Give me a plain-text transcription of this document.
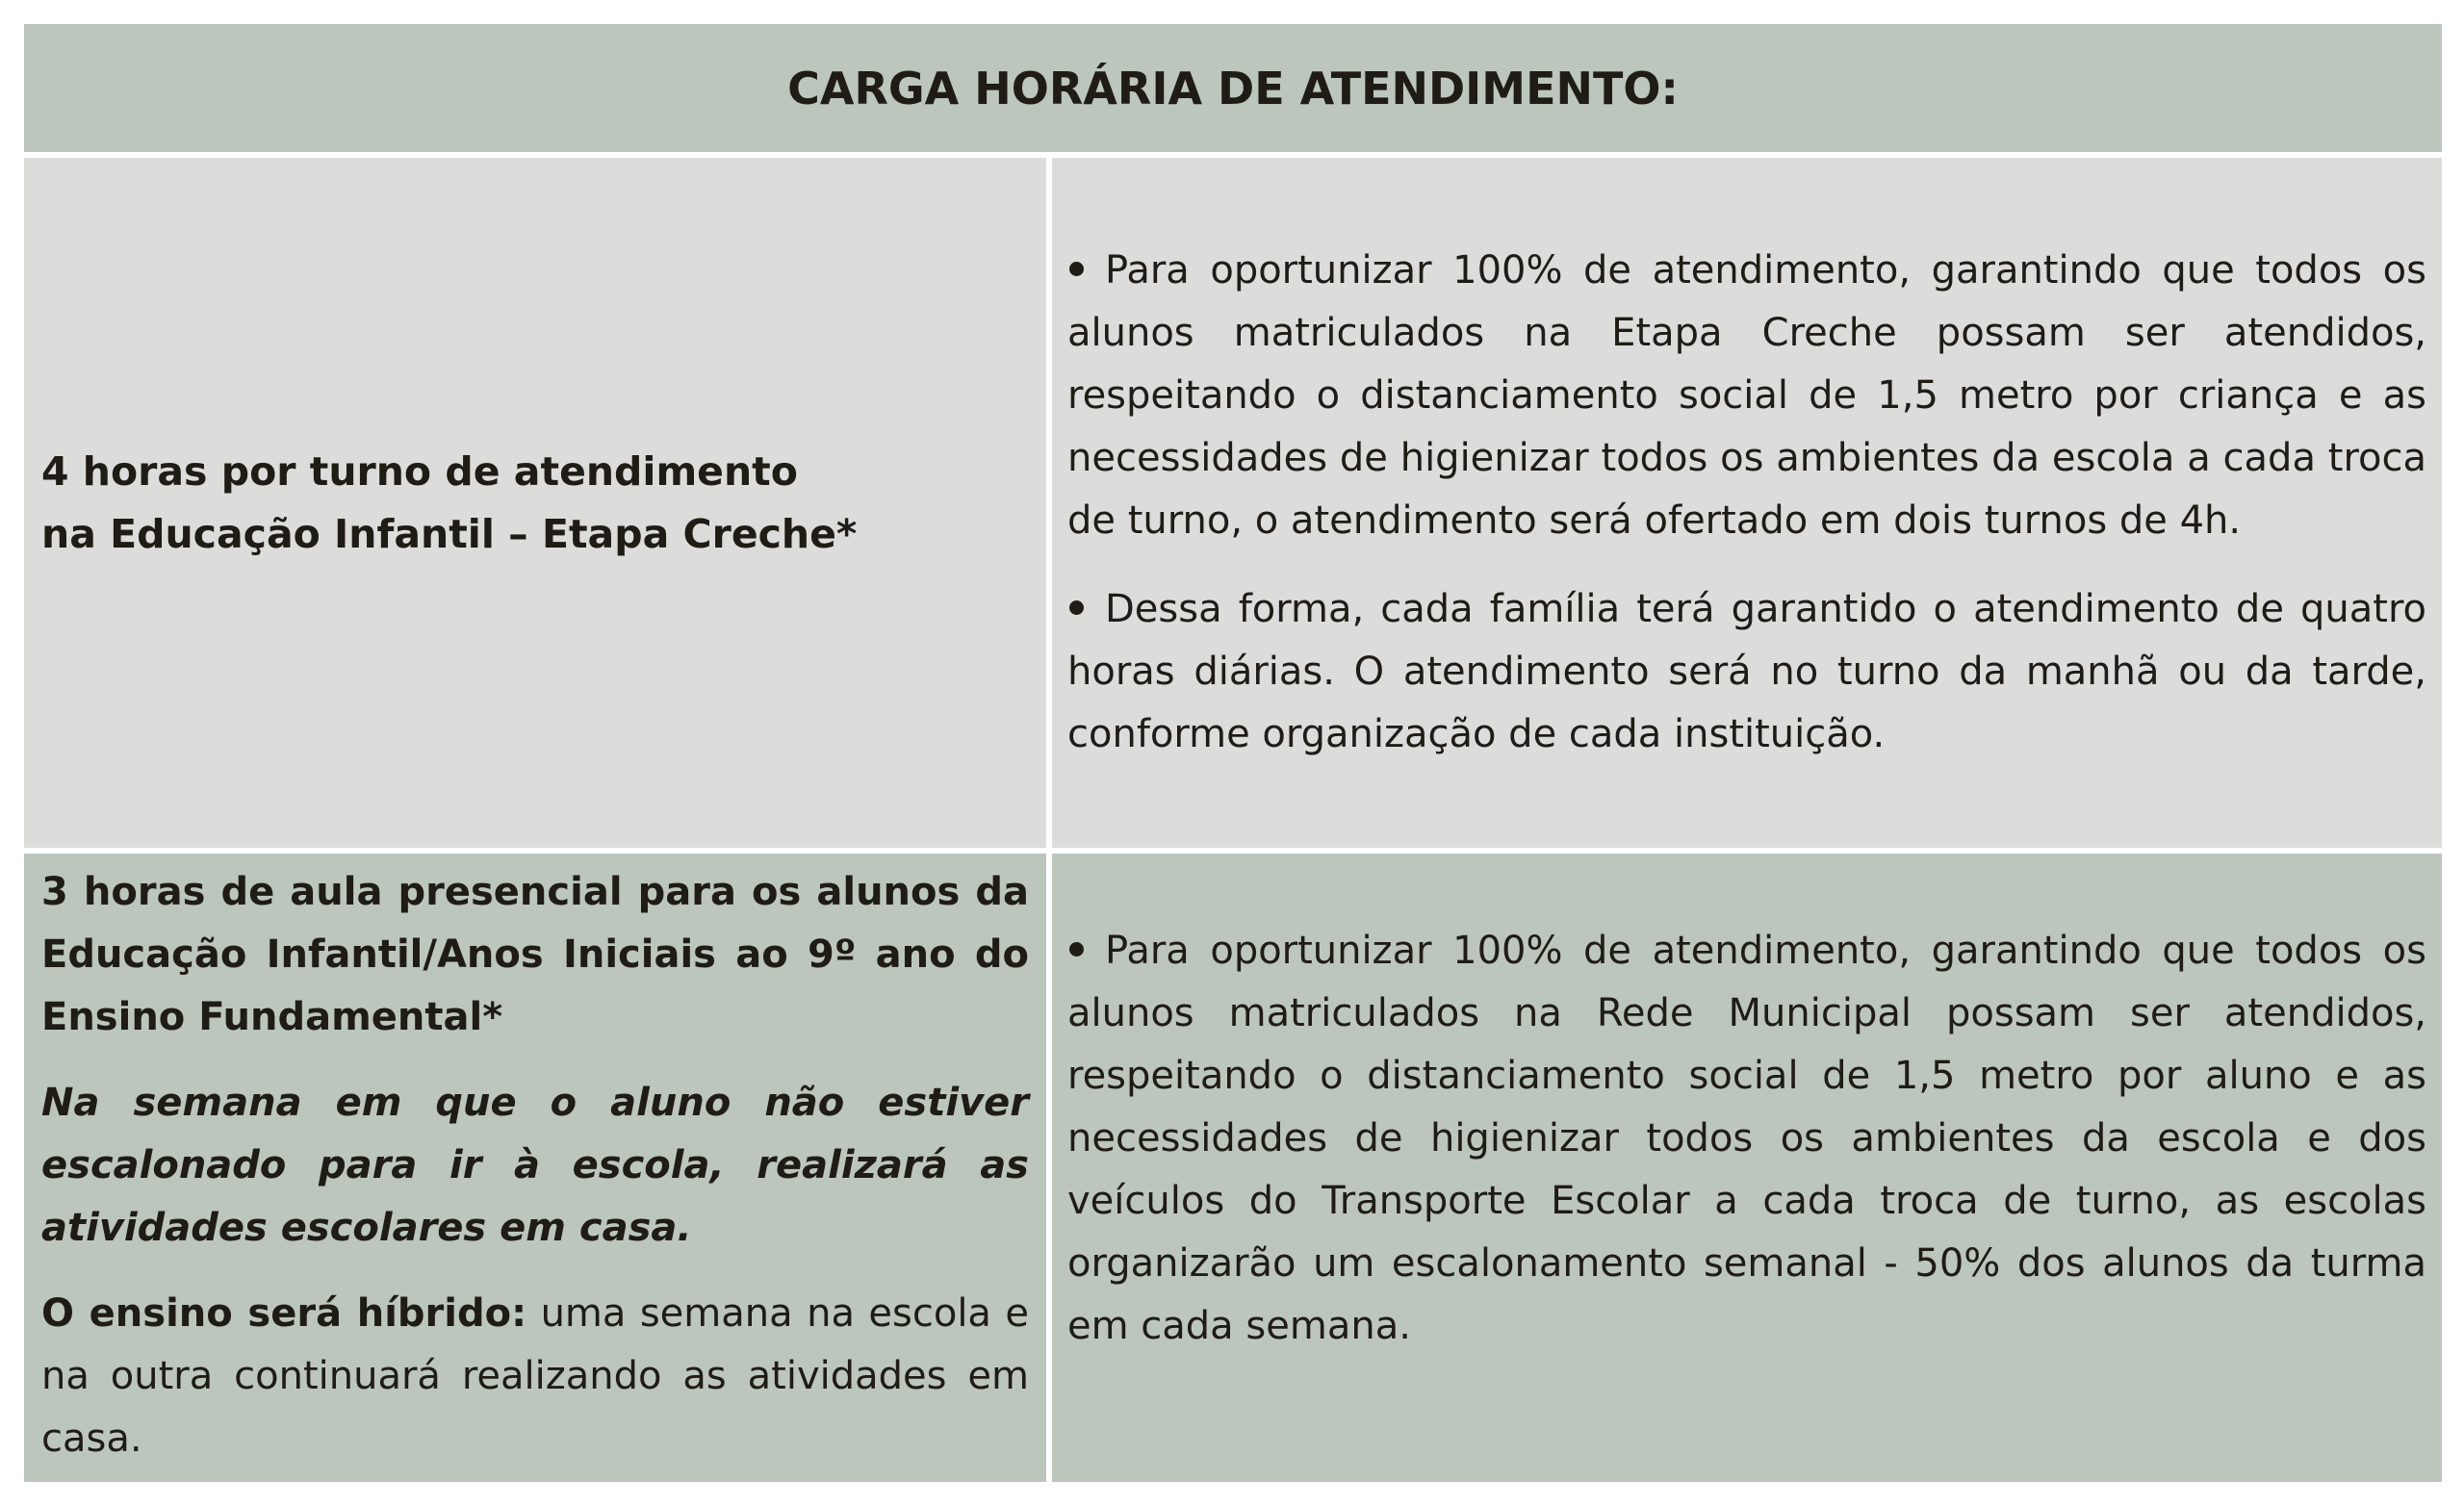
CARGA HORÁRIA DE ATENDIMENTO:
4 horas por turno de atendimento
na Educação Infantil – Etapa Creche*

Para oportunizar 100% de atendimento, garantindo que todos os alunos matriculados na Etapa Creche possam ser atendidos, respeitando o distanciamento social de 1,5 metro por criança e as necessidades de higienizar todos os ambientes da escola a cada troca de turno, o atendimento será ofertado em dois turnos de 4h.

Dessa forma, cada família terá garantido o atendimento de quatro horas diárias. O atendimento será no turno da manhã ou da tarde, conforme organização de cada instituição.

3 horas de aula presencial para os alunos da Educação Infantil/Anos Iniciais ao 9º ano do Ensino Fundamental*

Na semana em que o aluno não estiver escalonado para ir à escola, realizará as atividades escolares em casa.

O ensino será híbrido: uma semana na escola e na outra continuará realizando as atividades em casa.

Para oportunizar 100% de atendimento, garantindo que todos os alunos matriculados na Rede Municipal possam ser atendidos, respeitando o distanciamento social de 1,5 metro por aluno e as necessidades de higienizar todos os ambientes da escola e dos veículos do Transporte Escolar a cada troca de turno, as escolas organizarão um escalonamento semanal - 50% dos alunos da turma em cada semana.
